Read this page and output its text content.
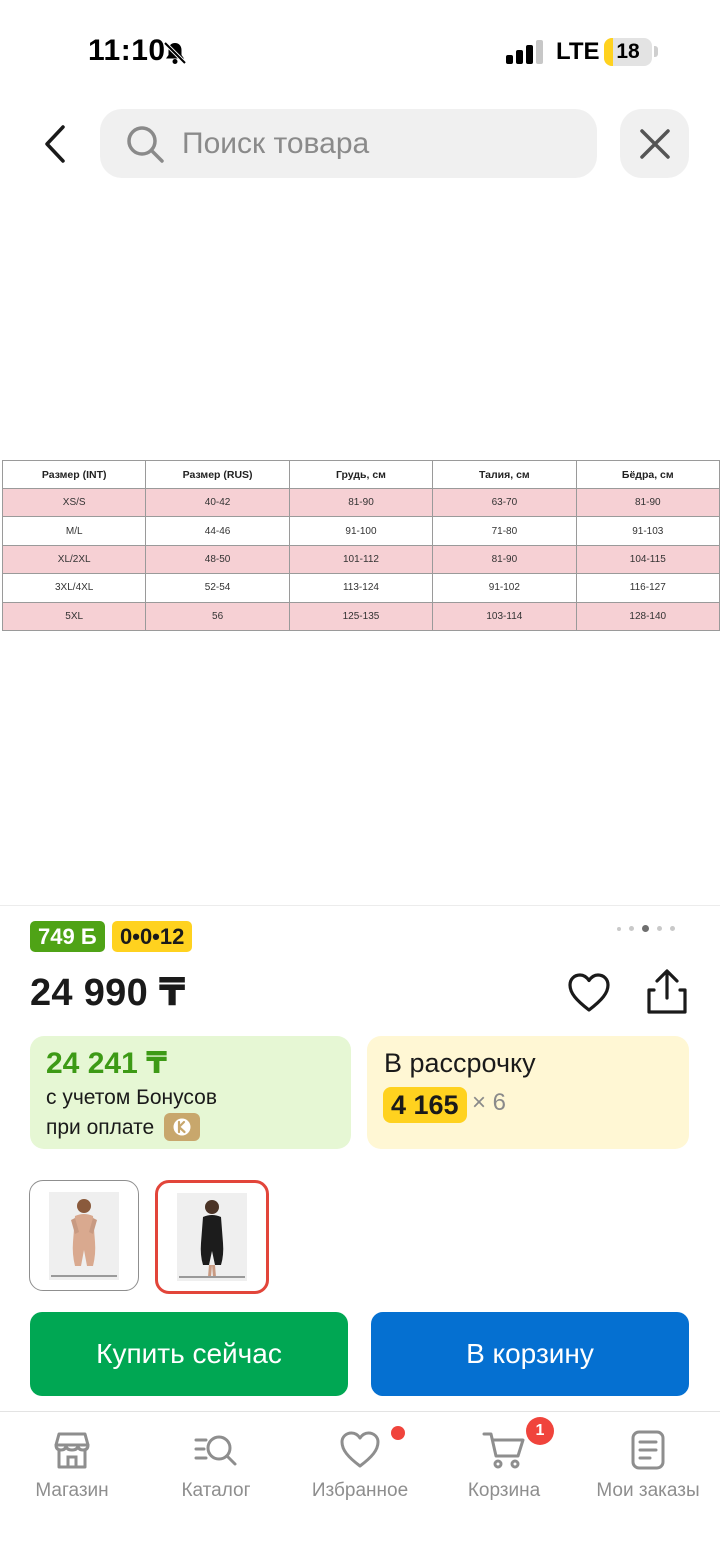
11:10	LTE 18
Поиск товара
Размер (INT)	Размер (RUS)	Грудь, см	Талия, см	Бёдра, см
XS/S	40-42	81-90	63-70	81-90
M/L	44-46	91-100	71-80	91-103
XL/2XL	48-50	101-112	81-90	104-115
3XL/4XL	52-54	113-124	91-102	116-127
5XL	56	125-135	103-114	128-140
749 Б	0•0•12
24 990 ₸
24 241 ₸
с учетом Бонусов
при оплате
В рассрочку
4 165 × 6
Купить сейчас	В корзину
Магазин	Каталог	Избранное	Корзина	Мои заказы
1
